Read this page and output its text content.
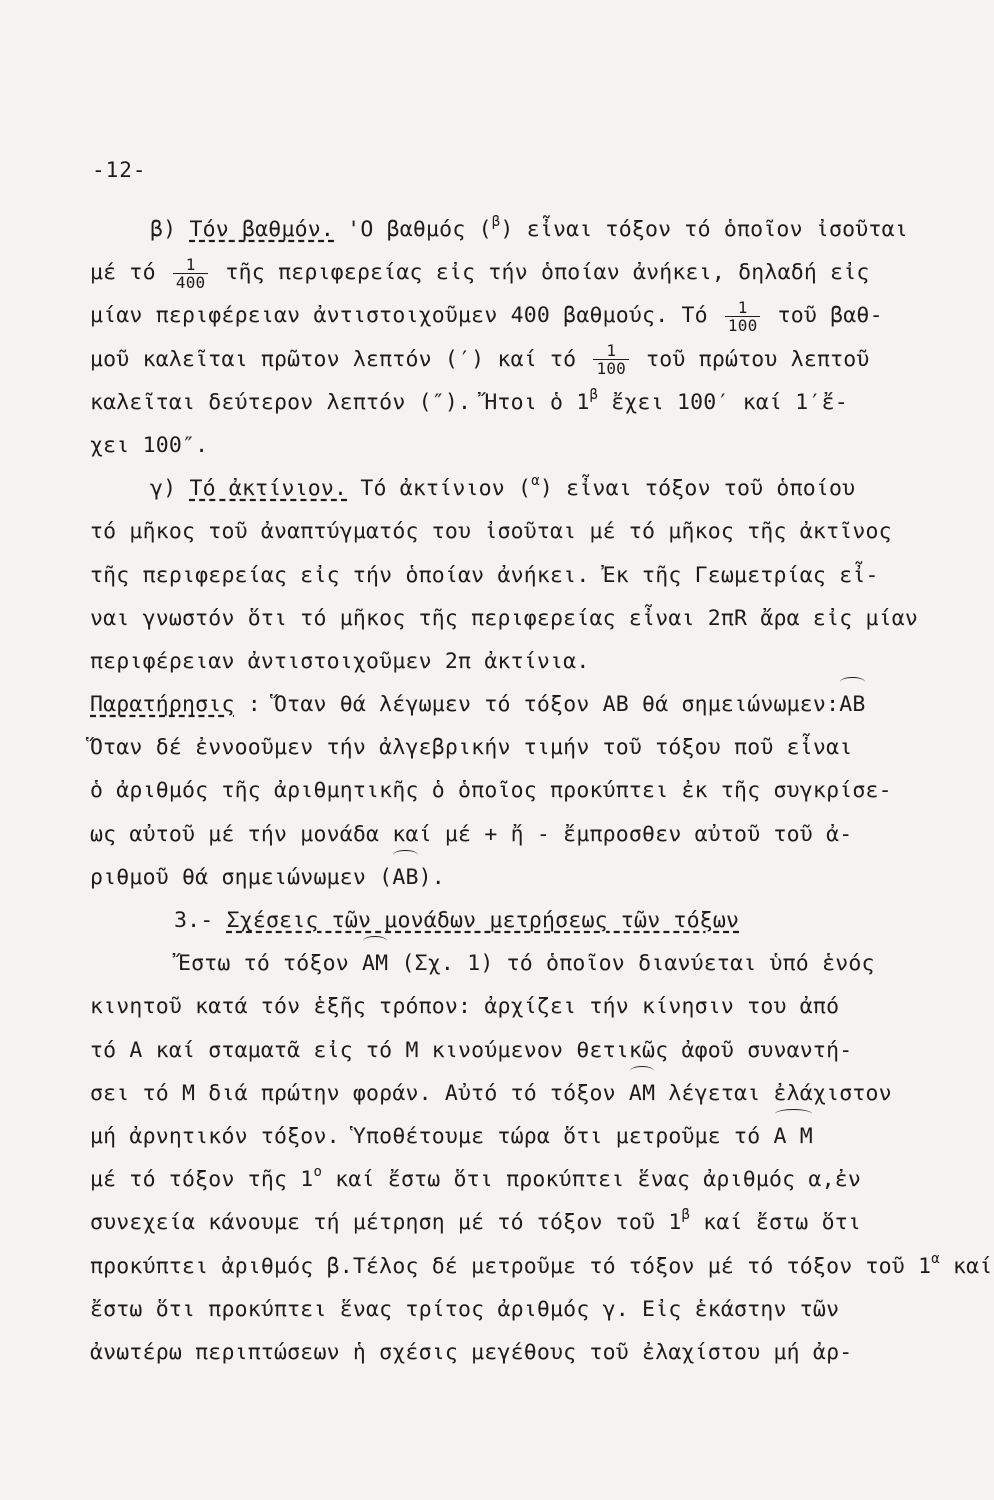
-12-
β) Τόν βαθμόν. 'Ο βαθμός ($^\beta$) εἶναι τόξον τό ὁποῖον ἰσοῦται
μέ τό $\frac{1}{400}$ τῆς περιφερείας εἰς τήν ὁποίαν ἀνήκει, δηλαδή εἰς
μίαν περιφέρειαν ἀντιστοιχοῦμεν 400 βαθμούς. Τό $\frac{1}{100}$ τοῦ βαθ-
μοῦ καλεῖται πρῶτον λεπτόν (′) καί τό $\frac{1}{100}$ τοῦ πρώτου λεπτοῦ
καλεῖται δεύτερον λεπτόν (″). Ἤτοι ὁ $1^\beta$ ἔχει 100′ καί 1′ἔ-
χει 100″.
γ) Τό ἀκτίνιον. Τό ἀκτίνιον ($^\alpha$) εἶναι τόξον τοῦ ὁποίου
τό μῆκος τοῦ ἀναπτύγματός του ἰσοῦται μέ τό μῆκος τῆς ἀκτῖνος
τῆς περιφερείας εἰς τήν ὁποίαν ἀνήκει. Ἐκ τῆς Γεωμετρίας εἶ-
ναι γνωστόν ὅτι τό μῆκος τῆς περιφερείας εἶναι 2πR ἄρα εἰς μίαν
περιφέρειαν ἀντιστοιχοῦμεν 2π ἀκτίνια.
Παρατήρησις : Ὅταν θά λέγωμεν τό τόξον ΑΒ θά σημειώνωμεν:ΑΒ
Ὅταν δέ ἐννοοῦμεν τήν ἀλγεβρικήν τιμήν τοῦ τόξου ποῦ εἶναι
ὁ ἀριθμός τῆς ἀριθμητικῆς ὁ ὁποῖος προκύπτει ἐκ τῆς συγκρίσε-
ως αὐτοῦ μέ τήν μονάδα καί μέ + ἤ - ἔμπροσθεν αὐτοῦ τοῦ ἀ-
ριθμοῦ θά σημειώνωμεν (ΑΒ).
3.- Σχέσεις τῶν μονάδων μετρήσεως τῶν τόξων
Ἔστω τό τόξον ΑΜ (Σχ. 1) τό ὁποῖον διανύεται ὑπό ἑνός
κινητοῦ κατά τόν ἑξῆς τρόπον: ἀρχίζει τήν κίνησιν του ἀπό
τό Α καί σταματᾶ εἰς τό Μ κινούμενον θετικῶς ἀφοῦ συναντή-
σει τό Μ διά πρώτην φοράν. Αὐτό τό τόξον ΑΜ λέγεται ἐλάχιστον
μή ἀρνητικόν τόξον. Ὑποθέτουμε τώρα ὅτι μετροῦμε τό Α Μ
μέ τό τόξον τῆς $1^o$ καί ἔστω ὅτι προκύπτει ἕνας ἀριθμός α,ἐν
συνεχεία κάνουμε τή μέτρηση μέ τό τόξον τοῦ $1^\beta$ καί ἔστω ὅτι
προκύπτει ἀριθμός β.Τέλος δέ μετροῦμε τό τόξον μέ τό τόξον τοῦ $1^\alpha$ καί
ἔστω ὅτι προκύπτει ἕνας τρίτος ἀριθμός γ. Εἰς ἑκάστην τῶν
ἀνωτέρω περιπτώσεων ἡ σχέσις μεγέθους τοῦ ἐλαχίστου μή ἀρ-
